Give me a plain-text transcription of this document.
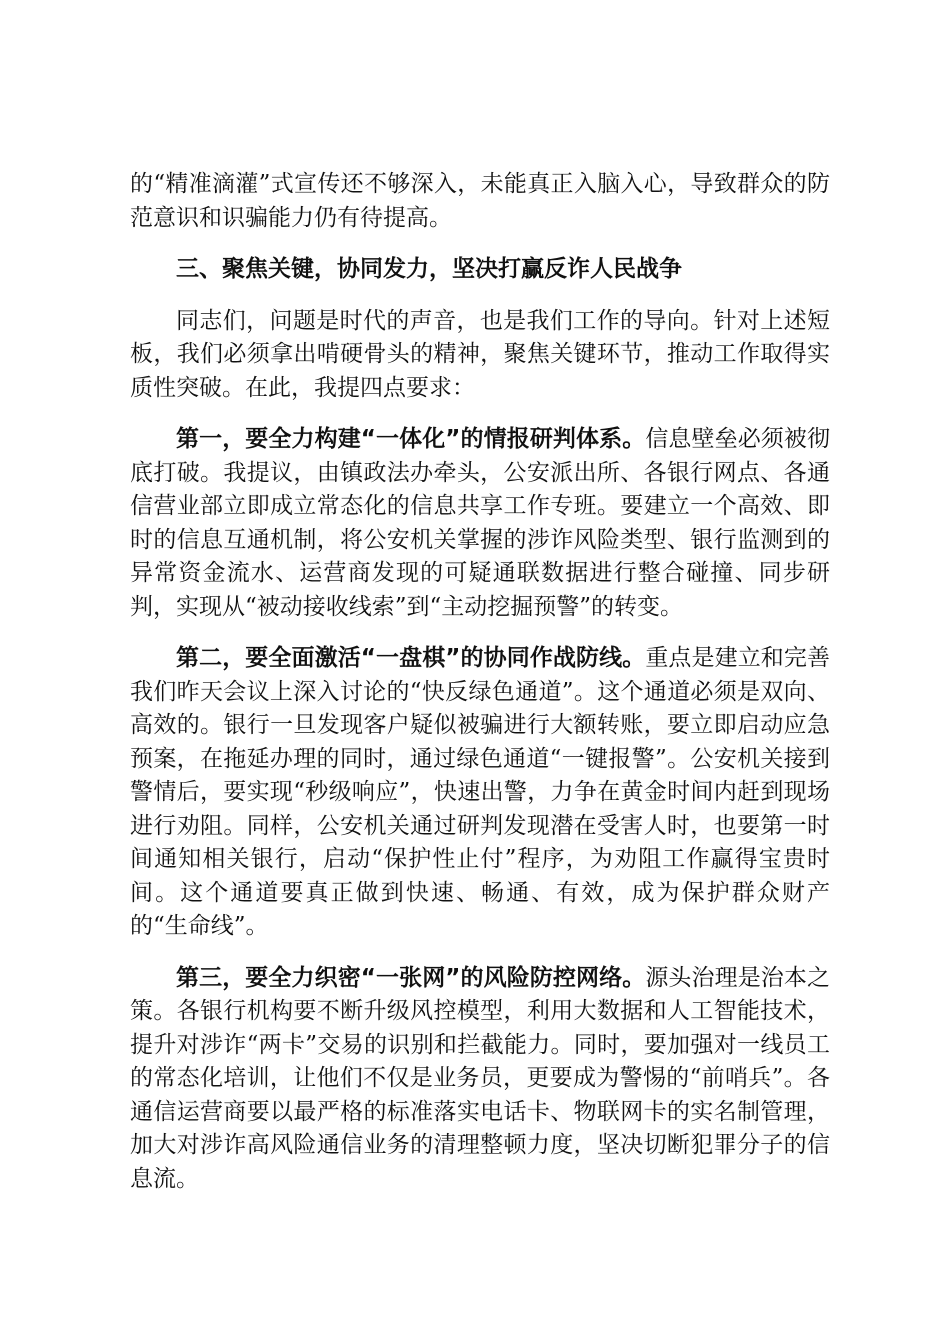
的“精准滴灌”式宣传还不够深入，未能真正入脑入心，导致群众的防范意识和识骗能力仍有待提高。

三、聚焦关键，协同发力，坚决打赢反诈人民战争

同志们，问题是时代的声音，也是我们工作的导向。针对上述短板，我们必须拿出啃硬骨头的精神，聚焦关键环节，推动工作取得实质性突破。在此，我提四点要求：

第一，要全力构建“一体化”的情报研判体系。信息壁垒必须被彻底打破。我提议，由镇政法办牵头，公安派出所、各银行网点、各通信营业部立即成立常态化的信息共享工作专班。要建立一个高效、即时的信息互通机制，将公安机关掌握的涉诈风险类型、银行监测到的异常资金流水、运营商发现的可疑通联数据进行整合碰撞、同步研判，实现从“被动接收线索”到“主动挖掘预警”的转变。

第二，要全面激活“一盘棋”的协同作战防线。重点是建立和完善我们昨天会议上深入讨论的“快反绿色通道”。这个通道必须是双向、高效的。银行一旦发现客户疑似被骗进行大额转账，要立即启动应急预案，在拖延办理的同时，通过绿色通道“一键报警”。公安机关接到警情后，要实现“秒级响应”，快速出警，力争在黄金时间内赶到现场进行劝阻。同样，公安机关通过研判发现潜在受害人时，也要第一时间通知相关银行，启动“保护性止付”程序，为劝阻工作赢得宝贵时间。这个通道要真正做到快速、畅通、有效，成为保护群众财产的“生命线”。

第三，要全力织密“一张网”的风险防控网络。源头治理是治本之策。各银行机构要不断升级风控模型，利用大数据和人工智能技术，提升对涉诈“两卡”交易的识别和拦截能力。同时，要加强对一线员工的常态化培训，让他们不仅是业务员，更要成为警惕的“前哨兵”。各通信运营商要以最严格的标准落实电话卡、物联网卡的实名制管理，加大对涉诈高风险通信业务的清理整顿力度，坚决切断犯罪分子的信息流。
